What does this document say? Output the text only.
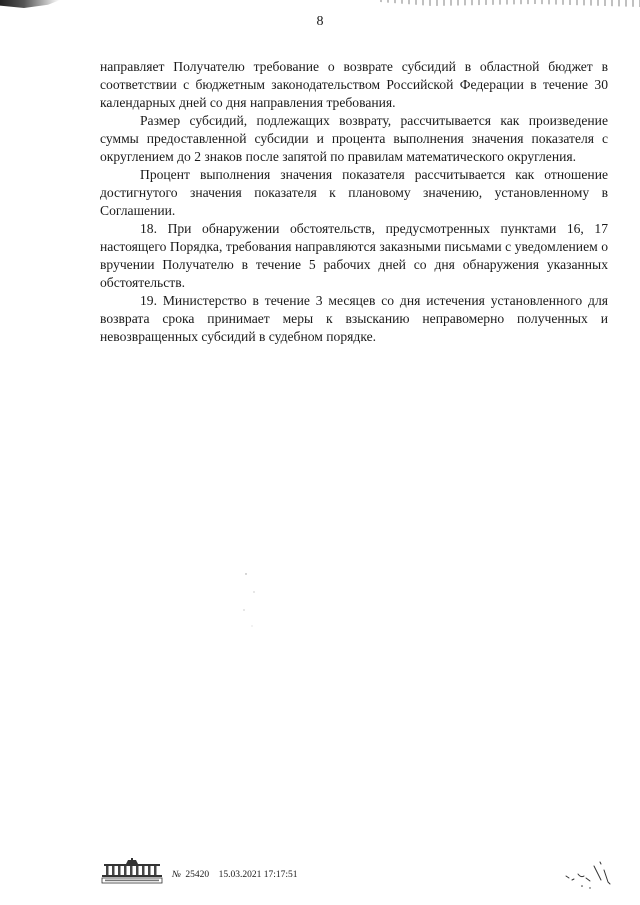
8

направляет Получателю требование о возврате субсидий в областной бюджет в соответствии с бюджетным законодательством Российской Федерации в течение 30 календарных дней со дня направления требования.

Размер субсидий, подлежащих возврату, рассчитывается как произведение суммы предоставленной субсидии и процента выполнения значения показателя с округлением до 2 знаков после запятой по правилам математического округления.

Процент выполнения значения показателя рассчитывается как отношение достигнутого значения показателя к плановому значению, установленному в Соглашении.

18. При обнаружении обстоятельств, предусмотренных пунктами 16, 17 настоящего Порядка, требования направляются заказными письмами с уведомлением о вручении Получателю в течение 5 рабочих дней со дня обнаружения указанных обстоятельств.

19. Министерство в течение 3 месяцев со дня истечения установленного для возврата срока принимает меры к взысканию неправомерно полученных и невозвращенных субсидий в судебном порядке.

№ 25420 15.03.2021 17:17:51
